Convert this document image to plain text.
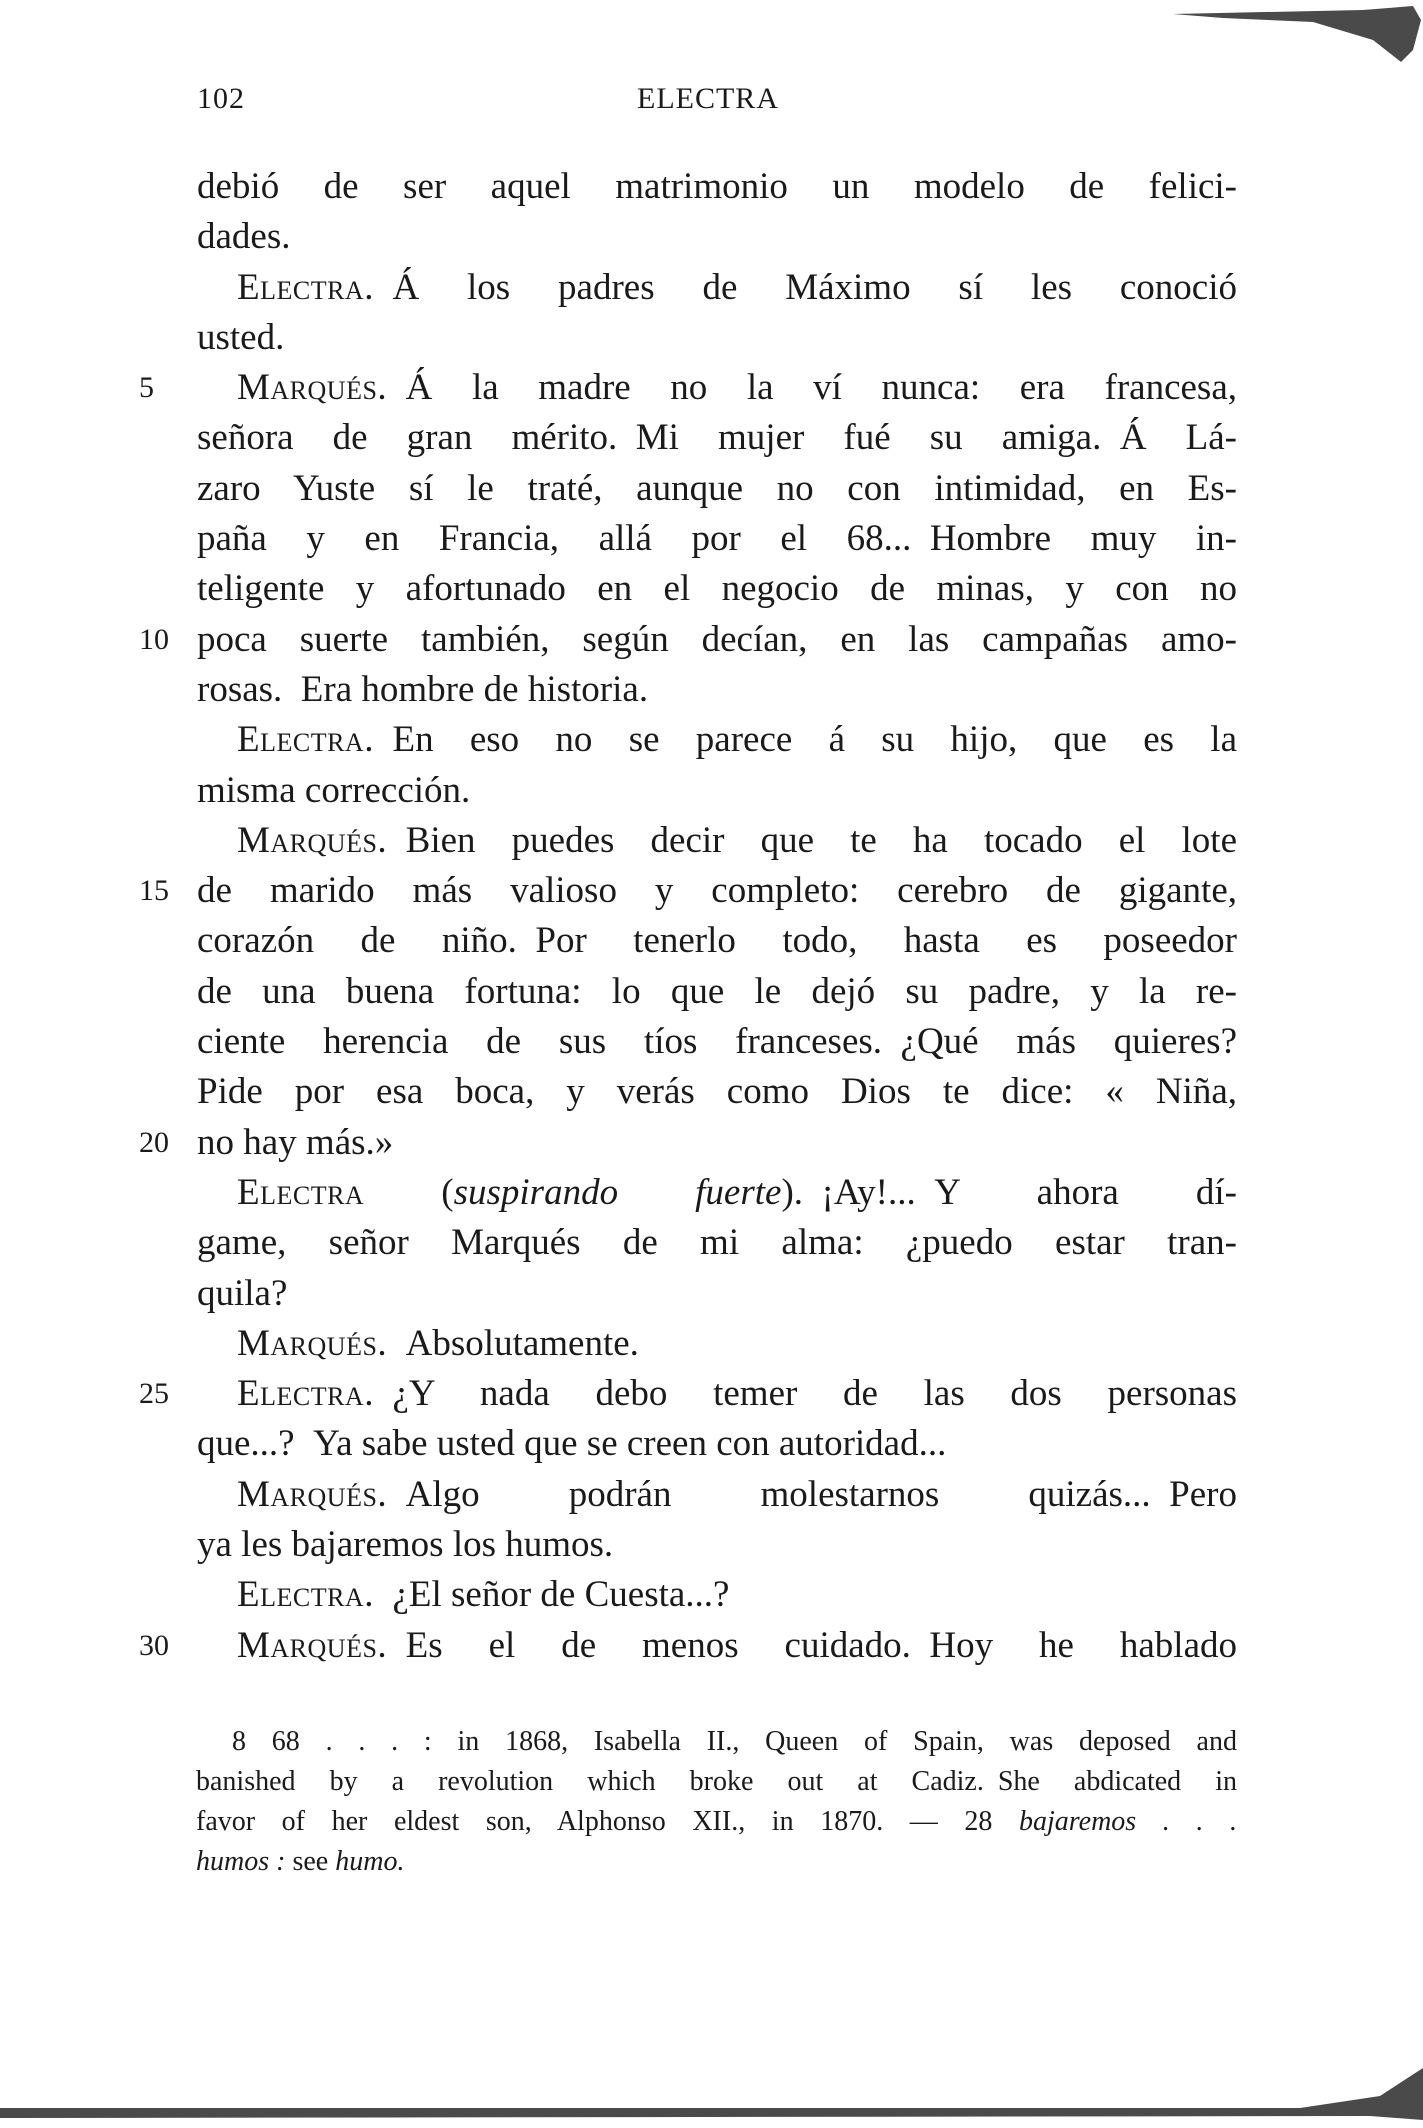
102	ELECTRA
debió de ser aquel matrimonio un modelo de felici-
dades.
Electra. Á los padres de Máximo sí les conoció
usted.
5 Marqués. Á la madre no la ví nunca: era francesa,
señora de gran mérito. Mi mujer fué su amiga. Á Lá-
zaro Yuste sí le traté, aunque no con intimidad, en Es-
paña y en Francia, allá por el 68... Hombre muy in-
teligente y afortunado en el negocio de minas, y con no
10 poca suerte también, según decían, en las campañas amo-
rosas. Era hombre de historia.
Electra. En eso no se parece á su hijo, que es la
misma corrección.
Marqués. Bien puedes decir que te ha tocado el lote
15 de marido más valioso y completo: cerebro de gigante,
corazón de niño. Por tenerlo todo, hasta es poseedor
de una buena fortuna: lo que le dejó su padre, y la re-
ciente herencia de sus tíos franceses. ¿Qué más quieres?
Pide por esa boca, y verás como Dios te dice: « Niña,
20 no hay más.»
Electra (suspirando fuerte). ¡Ay!... Y ahora dí-
game, señor Marqués de mi alma: ¿puedo estar tran-
quila?
Marqués. Absolutamente.
25 Electra. ¿Y nada debo temer de las dos personas
que...? Ya sabe usted que se creen con autoridad...
Marqués. Algo podrán molestarnos quizás... Pero
ya les bajaremos los humos.
Electra. ¿El señor de Cuesta...?
30 Marqués. Es el de menos cuidado. Hoy he hablado
8 68 . . . : in 1868, Isabella II., Queen of Spain, was deposed and
banished by a revolution which broke out at Cadiz. She abdicated in
favor of her eldest son, Alphonso XII., in 1870. — 28 bajaremos . . .
humos : see humo.
